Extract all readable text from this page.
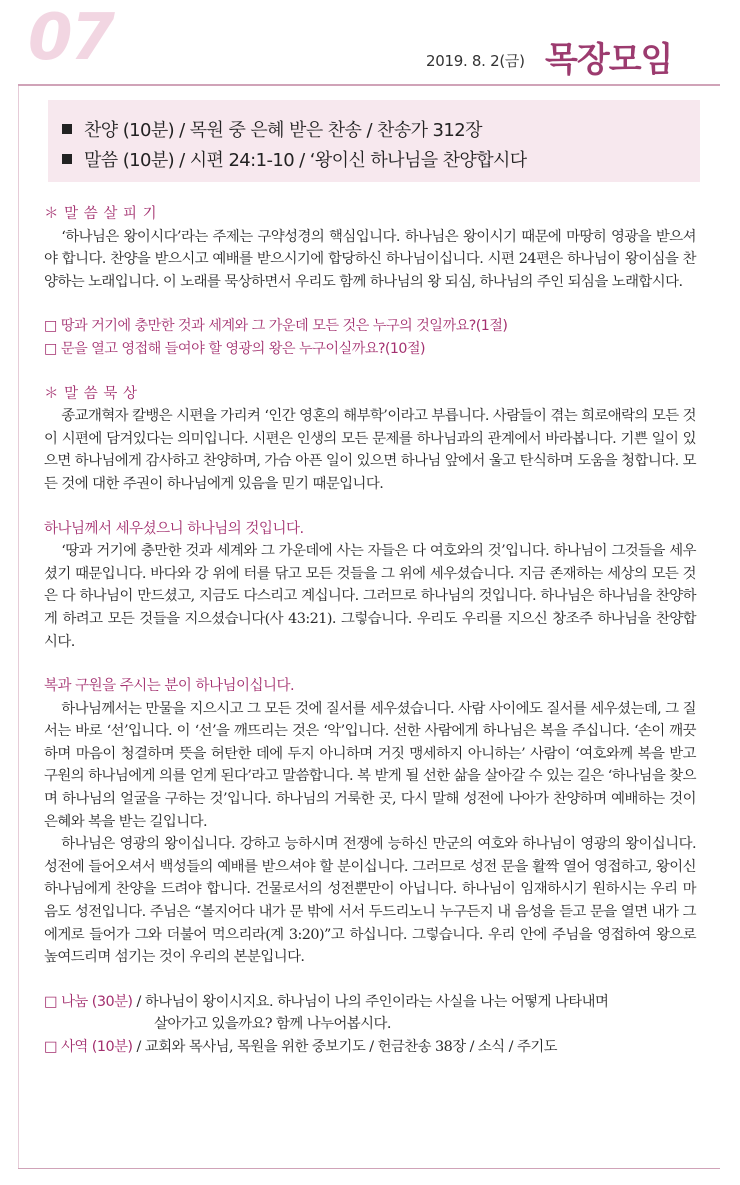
07	2019. 8. 2(금) 목장모임
찬양 (10분) / 목원 중 은혜 받은 찬송 / 찬송가 312장
말씀 (10분) / 시편 24:1-10 / ‘왕이신 하나님을 찬양합시다
＊ 말 씀 살 피 기

‘하나님은 왕이시다’라는 주제는 구약성경의 핵심입니다. 하나님은 왕이시기 때문에 마땅히 영광을 받으셔야 합니다. 찬양을 받으시고 예배를 받으시기에 합당하신 하나님이십니다. 시편 24편은 하나님이 왕이심을 찬양하는 노래입니다. 이 노래를 묵상하면서 우리도 함께 하나님의 왕 되심, 하나님의 주인 되심을 노래합시다.

□ 땅과 거기에 충만한 것과 세계와 그 가운데 모든 것은 누구의 것일까요?(1절)
□ 문을 열고 영접해 들여야 할 영광의 왕은 누구이실까요?(10절)
＊ 말 씀 묵 상

종교개혁자 칼뱅은 시편을 가리켜 ‘인간 영혼의 해부학’이라고 부릅니다. 사람들이 겪는 희로애락의 모든 것이 시편에 담겨있다는 의미입니다. 시편은 인생의 모든 문제를 하나님과의 관계에서 바라봅니다. 기쁜 일이 있으면 하나님에게 감사하고 찬양하며, 가슴 아픈 일이 있으면 하나님 앞에서 울고 탄식하며 도움을 청합니다. 모든 것에 대한 주권이 하나님에게 있음을 믿기 때문입니다.

하나님께서 세우셨으니 하나님의 것입니다.

‘땅과 거기에 충만한 것과 세계와 그 가운데에 사는 자들은 다 여호와의 것’입니다. 하나님이 그것들을 세우셨기 때문입니다. 바다와 강 위에 터를 닦고 모든 것들을 그 위에 세우셨습니다. 지금 존재하는 세상의 모든 것은 다 하나님이 만드셨고, 지금도 다스리고 계십니다. 그러므로 하나님의 것입니다. 하나님은 하나님을 찬양하게 하려고 모든 것들을 지으셨습니다(사 43:21). 그렇습니다. 우리도 우리를 지으신 창조주 하나님을 찬양합시다.

복과 구원을 주시는 분이 하나님이십니다.

하나님께서는 만물을 지으시고 그 모든 것에 질서를 세우셨습니다. 사람 사이에도 질서를 세우셨는데, 그 질서는 바로 ‘선’입니다. 이 ‘선’을 깨뜨리는 것은 ‘악’입니다. 선한 사람에게 하나님은 복을 주십니다. ‘손이 깨끗하며 마음이 청결하며 뜻을 허탄한 데에 두지 아니하며 거짓 맹세하지 아니하는’ 사람이 ‘여호와께 복을 받고 구원의 하나님에게 의를 얻게 된다’라고 말씀합니다. 복 받게 될 선한 삶을 살아갈 수 있는 길은 ‘하나님을 찾으며 하나님의 얼굴을 구하는 것’입니다. 하나님의 거룩한 곳, 다시 말해 성전에 나아가 찬양하며 예배하는 것이 은혜와 복을 받는 길입니다.

하나님은 영광의 왕이십니다. 강하고 능하시며 전쟁에 능하신 만군의 여호와 하나님이 영광의 왕이십니다. 성전에 들어오셔서 백성들의 예배를 받으셔야 할 분이십니다. 그러므로 성전 문을 활짝 열어 영접하고, 왕이신 하나님에게 찬양을 드려야 합니다. 건물로서의 성전뿐만이 아닙니다. 하나님이 임재하시기 원하시는 우리 마음도 성전입니다. 주님은 “볼지어다 내가 문 밖에 서서 두드리노니 누구든지 내 음성을 듣고 문을 열면 내가 그에게로 들어가 그와 더불어 먹으리라(계 3:20)”고 하십니다. 그렇습니다. 우리 안에 주님을 영접하여 왕으로 높여드리며 섬기는 것이 우리의 본분입니다.

□ 나눔 (30분) / 하나님이 왕이시지요. 하나님이 나의 주인이라는 사실을 나는 어떻게 나타내며
살아가고 있을까요? 함께 나누어봅시다.
□ 사역 (10분) / 교회와 목사님, 목원을 위한 중보기도 / 헌금찬송 38장 / 소식 / 주기도
